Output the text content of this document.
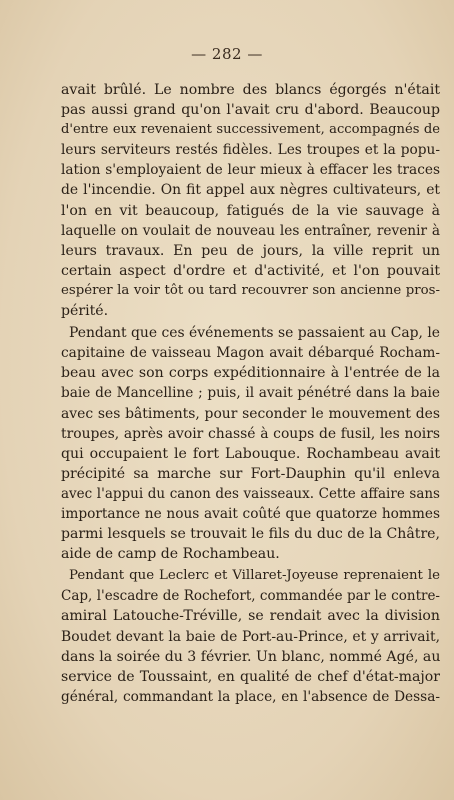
— 282 —
avait brûlé. Le nombre des blancs égorgés n'était
pas aussi grand qu'on l'avait cru d'abord. Beaucoup
d'entre eux revenaient successivement, accompagnés de
leurs serviteurs restés fidèles. Les troupes et la popu-
lation s'employaient de leur mieux à effacer les traces
de l'incendie. On fit appel aux nègres cultivateurs, et
l'on en vit beaucoup, fatigués de la vie sauvage à
laquelle on voulait de nouveau les entraîner, revenir à
leurs travaux. En peu de jours, la ville reprit un
certain aspect d'ordre et d'activité, et l'on pouvait
espérer la voir tôt ou tard recouvrer son ancienne pros-
périté.
Pendant que ces événements se passaient au Cap, le
capitaine de vaisseau Magon avait débarqué Rocham-
beau avec son corps expéditionnaire à l'entrée de la
baie de Mancelline ; puis, il avait pénétré dans la baie
avec ses bâtiments, pour seconder le mouvement des
troupes, après avoir chassé à coups de fusil, les noirs
qui occupaient le fort Labouque. Rochambeau avait
précipité sa marche sur Fort-Dauphin qu'il enleva
avec l'appui du canon des vaisseaux. Cette affaire sans
importance ne nous avait coûté que quatorze hommes
parmi lesquels se trouvait le fils du duc de la Châtre,
aide de camp de Rochambeau.
Pendant que Leclerc et Villaret-Joyeuse reprenaient le
Cap, l'escadre de Rochefort, commandée par le contre-
amiral Latouche-Tréville, se rendait avec la division
Boudet devant la baie de Port-au-Prince, et y arrivait,
dans la soirée du 3 février. Un blanc, nommé Agé, au
service de Toussaint, en qualité de chef d'état-major
général, commandant la place, en l'absence de Dessa-
